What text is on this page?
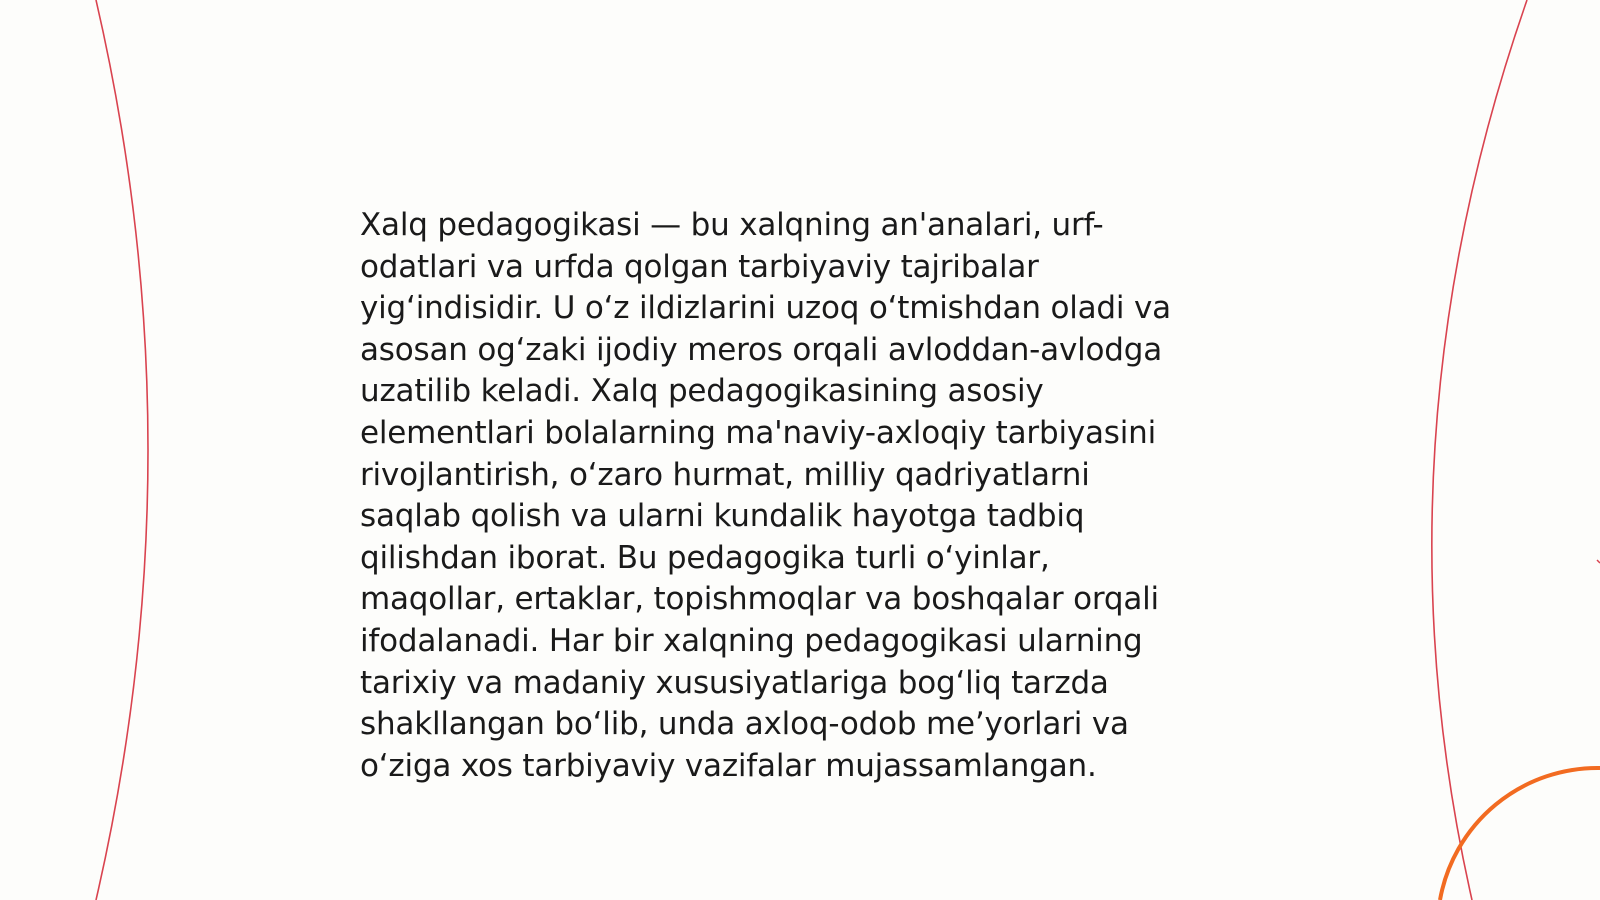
Xalq pedagogikasi — bu xalqning an'analari, urf-
odatlari va urfda qolgan tarbiyaviy tajribalar
yigʻindisidir. U oʻz ildizlarini uzoq oʻtmishdan oladi va
asosan ogʻzaki ijodiy meros orqali avloddan-avlodga
uzatilib keladi. Xalq pedagogikasining asosiy
elementlari bolalarning ma'naviy-axloqiy tarbiyasini
rivojlantirish, oʻzaro hurmat, milliy qadriyatlarni
saqlab qolish va ularni kundalik hayotga tadbiq
qilishdan iborat. Bu pedagogika turli oʻyinlar,
maqollar, ertaklar, topishmoqlar va boshqalar orqali
ifodalanadi. Har bir xalqning pedagogikasi ularning
tarixiy va madaniy xususiyatlariga bogʻliq tarzda
shakllangan boʻlib, unda axloq-odob meʼyorlari va
oʻziga xos tarbiyaviy vazifalar mujassamlangan.
